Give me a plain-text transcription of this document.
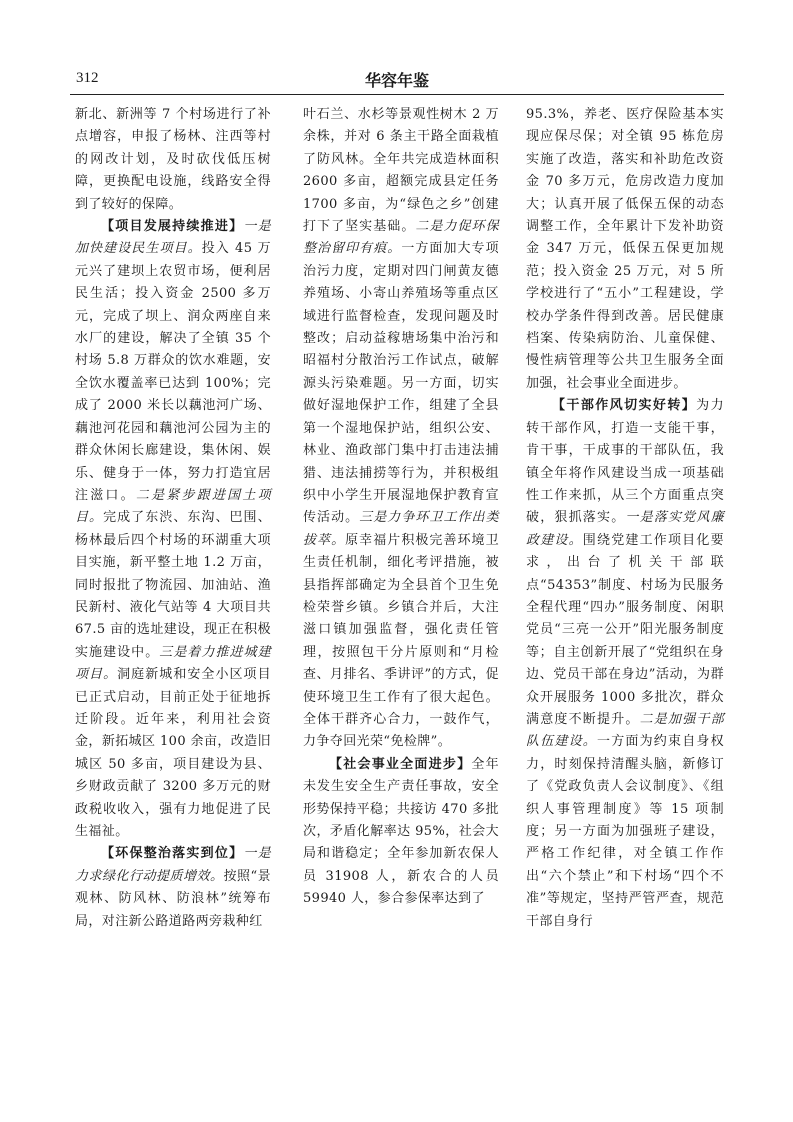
312	华容年鉴

新北、新洲等 7 个村场进行了补点增容，申报了杨林、注西等村的网改计划，及时砍伐低压树障，更换配电设施，线路安全得到了较好的保障。

【项目发展持续推进】一是加快建设民生项目。投入 45 万元兴了建坝上农贸市场，便利居民生活；投入资金 2500 多万元，完成了坝上、润众两座自来水厂的建设，解决了全镇 35 个村场 5.8 万群众的饮水难题，安全饮水覆盖率已达到 100%；完成了 2000 米长以藕池河广场、藕池河花园和藕池河公园为主的群众休闲长廊建设，集休闲、娱乐、健身于一体，努力打造宜居注滋口。二是紧步跟进国土项目。完成了东渋、东沟、巴围、杨林最后四个村场的环湖重大项目实施，新平整土地 1.2 万亩，同时报批了物流园、加油站、渔民新村、液化气站等 4 大项目共 67.5 亩的选址建设，现正在积极实施建设中。三是着力推进城建项目。洞庭新城和安全小区项目已正式启动，目前正处于征地拆迁阶段。近年来，利用社会资金，新拓城区 100 余亩，改造旧城区 50 多亩，项目建设为县、乡财政贡献了 3200 多万元的财政税收收入，强有力地促进了民生福祉。

【环保整治落实到位】一是力求绿化行动提质增效。按照“景观林、防风林、防浪林”统筹布局，对注新公路道路两旁栽种红

叶石兰、水杉等景观性树木 2 万余株，并对 6 条主干路全面栽植了防风林。全年共完成造林面积 2600 多亩，超额完成县定任务 1700 多亩，为“绿色之乡”创建打下了坚实基础。二是力促环保整治留印有痕。一方面加大专项治污力度，定期对四门闸黄友德养殖场、小寄山养殖场等重点区域进行监督检查，发现问题及时整改；启动益稼塘场集中治污和昭福村分散治污工作试点，破解源头污染难题。另一方面，切实做好湿地保护工作，组建了全县第一个湿地保护站，组织公安、林业、渔政部门集中打击违法捕猎、违法捕捞等行为，并积极组织中小学生开展湿地保护教育宣传活动。三是力争环卫工作出类拔萃。原幸福片积极完善环境卫生责任机制，细化考评措施，被县指挥部确定为全县首个卫生免检荣誉乡镇。乡镇合并后，大注滋口镇加强监督，强化责任管理，按照包干分片原则和“月检查、月排名、季讲评”的方式，促使环境卫生工作有了很大起色。全体干群齐心合力，一鼓作气，力争夺回光荣“免检牌”。

【社会事业全面进步】全年未发生安全生产责任事故，安全形势保持平稳；共接访 470 多批次，矛盾化解率达 95%，社会大局和谐稳定；全年参加新农保人员 31908 人，新农合的人员 59940 人，参合参保率达到了

95.3%，养老、医疗保险基本实现应保尽保；对全镇 95 栋危房实施了改造，落实和补助危改资金 70 多万元，危房改造力度加大；认真开展了低保五保的动态调整工作，全年累计下发补助资金 347 万元，低保五保更加规范；投入资金 25 万元，对 5 所学校进行了“五小”工程建设，学校办学条件得到改善。居民健康档案、传染病防治、儿童保健、慢性病管理等公共卫生服务全面加强，社会事业全面进步。

【干部作风切实好转】为力转干部作风，打造一支能干事，肯干事，干成事的干部队伍，我镇全年将作风建设当成一项基础性工作来抓，从三个方面重点突破，狠抓落实。一是落实党风廉政建设。围绕党建工作项目化要求，出台了机关干部联点“54353”制度、村场为民服务全程代理“四办”服务制度、闲职党员“三亮一公开”阳光服务制度等；自主创新开展了“党组织在身边、党员干部在身边”活动，为群众开展服务 1000 多批次，群众满意度不断提升。二是加强干部队伍建设。一方面为约束自身权力，时刻保持清醒头脑，新修订了《党政负责人会议制度》、《组织人事管理制度》等 15 项制度；另一方面为加强班子建设，严格工作纪律，对全镇工作作出“六个禁止”和下村场“四个不准”等规定，坚持严管严查，规范干部自身行
